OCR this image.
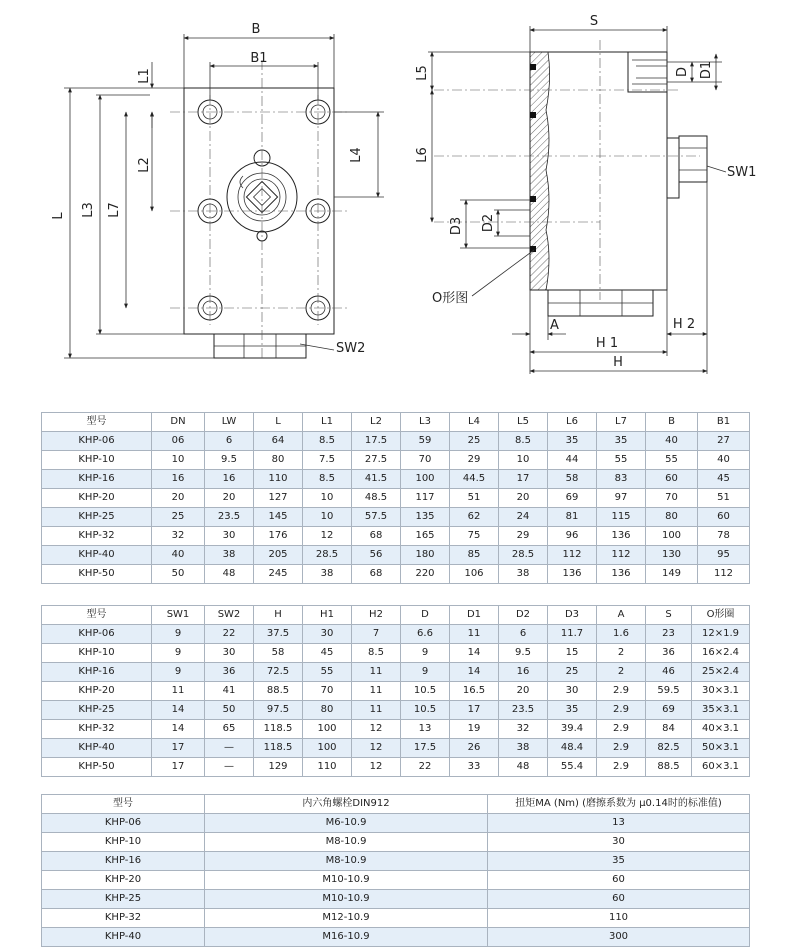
B
B1
L L3 L7
L1
L2
L4
SW2
S
L5
L6
D3 D2
D D1
SW1
O形图
A
H 1
H 2
H
型号	DN	LW	L	L1	L2	L3	L4	L5	L6	L7	B	B1
KHP-06	06	6	64	8.5	17.5	59	25	8.5	35	35	40	27
KHP-10	10	9.5	80	7.5	27.5	70	29	10	44	55	55	40
KHP-16	16	16	110	8.5	41.5	100	44.5	17	58	83	60	45
KHP-20	20	20	127	10	48.5	117	51	20	69	97	70	51
KHP-25	25	23.5	145	10	57.5	135	62	24	81	115	80	60
KHP-32	32	30	176	12	68	165	75	29	96	136	100	78
KHP-40	40	38	205	28.5	56	180	85	28.5	112	112	130	95
KHP-50	50	48	245	38	68	220	106	38	136	136	149	112
型号	SW1	SW2	H	H1	H2	D	D1	D2	D3	A	S	O形圈
KHP-06	9	22	37.5	30	7	6.6	11	6	11.7	1.6	23	12×1.9
KHP-10	9	30	58	45	8.5	9	14	9.5	15	2	36	16×2.4
KHP-16	9	36	72.5	55	11	9	14	16	25	2	46	25×2.4
KHP-20	11	41	88.5	70	11	10.5	16.5	20	30	2.9	59.5	30×3.1
KHP-25	14	50	97.5	80	11	10.5	17	23.5	35	2.9	69	35×3.1
KHP-32	14	65	118.5	100	12	13	19	32	39.4	2.9	84	40×3.1
KHP-40	17	—	118.5	100	12	17.5	26	38	48.4	2.9	82.5	50×3.1
KHP-50	17	—	129	110	12	22	33	48	55.4	2.9	88.5	60×3.1
型号	内六角螺栓DIN912	扭矩MA (Nm) (磨擦系数为 μ0.14时的标准值)
KHP-06	M6-10.9	13
KHP-10	M8-10.9	30
KHP-16	M8-10.9	35
KHP-20	M10-10.9	60
KHP-25	M10-10.9	60
KHP-32	M12-10.9	110
KHP-40	M16-10.9	300
